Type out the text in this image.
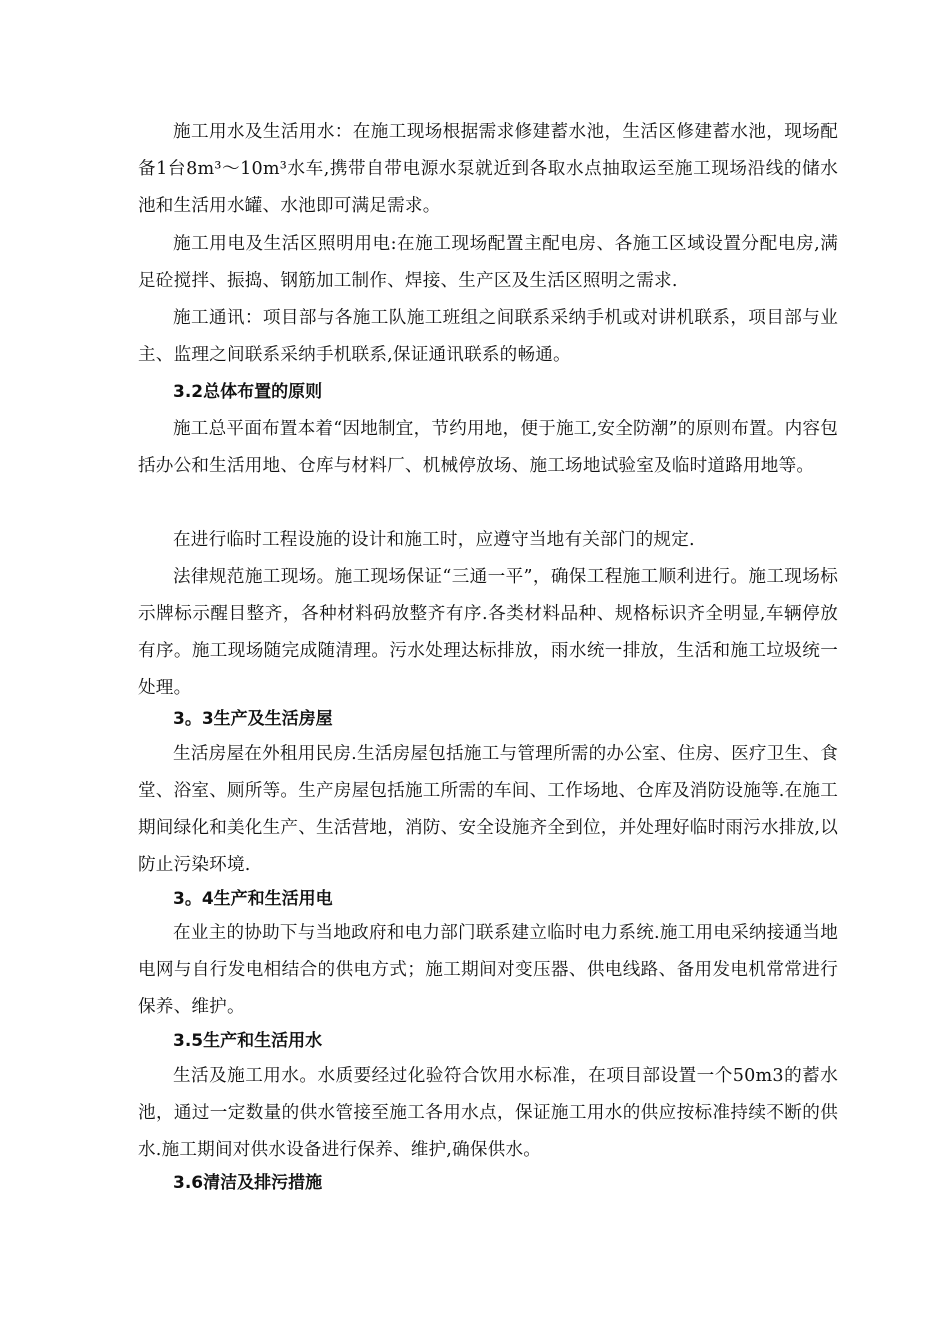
施工用水及生活用水：在施工现场根据需求修建蓄水池，生活区修建蓄水池，现场配备1台8m³～10m³水车,携带自带电源水泵就近到各取水点抽取运至施工现场沿线的储水池和生活用水罐、水池即可满足需求。

施工用电及生活区照明用电:在施工现场配置主配电房、各施工区域设置分配电房,满足砼搅拌、振捣、钢筋加工制作、焊接、生产区及生活区照明之需求.

施工通讯：项目部与各施工队施工班组之间联系采纳手机或对讲机联系，项目部与业主、监理之间联系采纳手机联系,保证通讯联系的畅通。

3.2总体布置的原则

施工总平面布置本着“因地制宜，节约用地，便于施工,安全防潮”的原则布置。内容包括办公和生活用地、仓库与材料厂、机械停放场、施工场地试验室及临时道路用地等。

在进行临时工程设施的设计和施工时，应遵守当地有关部门的规定.

法律规范施工现场。施工现场保证“三通一平”，确保工程施工顺利进行。施工现场标示牌标示醒目整齐，各种材料码放整齐有序.各类材料品种、规格标识齐全明显,车辆停放有序。施工现场随完成随清理。污水处理达标排放，雨水统一排放，生活和施工垃圾统一处理。

3。3生产及生活房屋

生活房屋在外租用民房.生活房屋包括施工与管理所需的办公室、住房、医疗卫生、食堂、浴室、厕所等。生产房屋包括施工所需的车间、工作场地、仓库及消防设施等.在施工期间绿化和美化生产、生活营地，消防、安全设施齐全到位，并处理好临时雨污水排放,以防止污染环境.

3。4生产和生活用电

在业主的协助下与当地政府和电力部门联系建立临时电力系统.施工用电采纳接通当地电网与自行发电相结合的供电方式；施工期间对变压器、供电线路、备用发电机常常进行保养、维护。

3.5生产和生活用水

生活及施工用水。水质要经过化验符合饮用水标准，在项目部设置一个50m3的蓄水池，通过一定数量的供水管接至施工各用水点，保证施工用水的供应按标准持续不断的供水.施工期间对供水设备进行保养、维护,确保供水。

3.6清洁及排污措施
